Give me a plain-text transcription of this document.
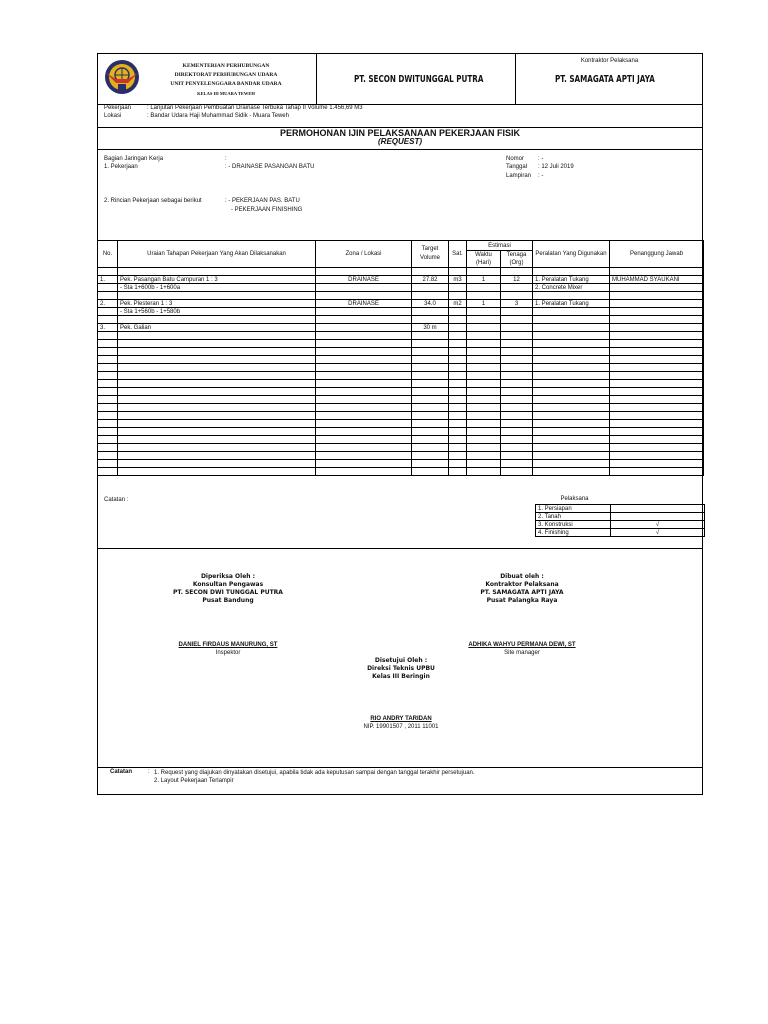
KEMENTERIAN PERHUBUNGAN
DIREKTORAT PERHUBUNGAN UDARA
UNIT PENYELENGGARA BANDAR UDARA
KELAS III MUARA TEWEH
PT. SECON DWITUNGGAL PUTRA
Kontraktor Pelaksana
PT. SAMAGATA APTI JAYA
Pekerjaan	: Lanjutan Pekerjaan Pembuatan Drainase Terbuka Tahap II Volume 1.456,69 M3
Lokasi	: Bandar Udara Haji Muhammad Sidik - Muara Teweh
PERMOHONAN IJIN PELAKSANAAN PEKERJAAN FISIK
(REQUEST)
Bagian Jaringan Kerja	:
1. Pekerjaan	: - DRAINASE PASANGAN BATU
Nomor : -
Tanggal : 12 Juli 2019
Lampiran : -
2. Rincian Pekerjaan sebagai berikut	: - PEKERJAAN PAS. BATU
- PEKERJAAN FINISHING
No.	Uraian Tahapan Pekerjaan Yang Akan Dilaksanakan	Zona / Lokasi	Target Volume	Sat.	Estimasi		Peralatan Yang Digunakan	Penanggung Jawab
					Waktu (Hari)	Tenaga (Org)		

1.	Pek. Pasangan Batu Campuran 1 : 3	DRAINASE	27.82	m3	1	12	1. Peralatan Tukang	MUHAMMAD SYAUKANI
	- Sta 1+600b - 1+600a						2. Concrete Mixer	

2.	Pek. Plesteran 1 : 3	DRAINASE	34.0	m2	1	3	1. Peralatan Tukang	
	- Sta 1+560b - 1+580b							

3.	Pek. Galian		30 m					

Catatan :	Pelaksana
1. Persiapan	
2. Tanah	
3. Konstruksi	√
4. Finishing	√
Diperiksa Oleh :
Konsultan Pengawas
PT. SECON DWI TUNGGAL PUTRA
Pusat Bandung
DANIEL FIRDAUS MANURUNG, ST
Inspektor
Dibuat oleh :
Kontraktor Pelaksana
PT. SAMAGATA APTI JAYA
Pusat Palangka Raya
ADHIKA WAHYU PERMANA DEWI, ST
Site manager
Disetujui Oleh :
Direksi Teknis UPBU
Kelas III Beringin
RIO ANDRY TARIDAN
NIP. 19901507 , 2011 11001
Catatan	: 1. Request yang diajukan dinyatakan disetujui, apabila tidak ada keputusan sampai dengan tanggal terakhir persetujuan.
2. Layout Pekerjaan Terlampir
